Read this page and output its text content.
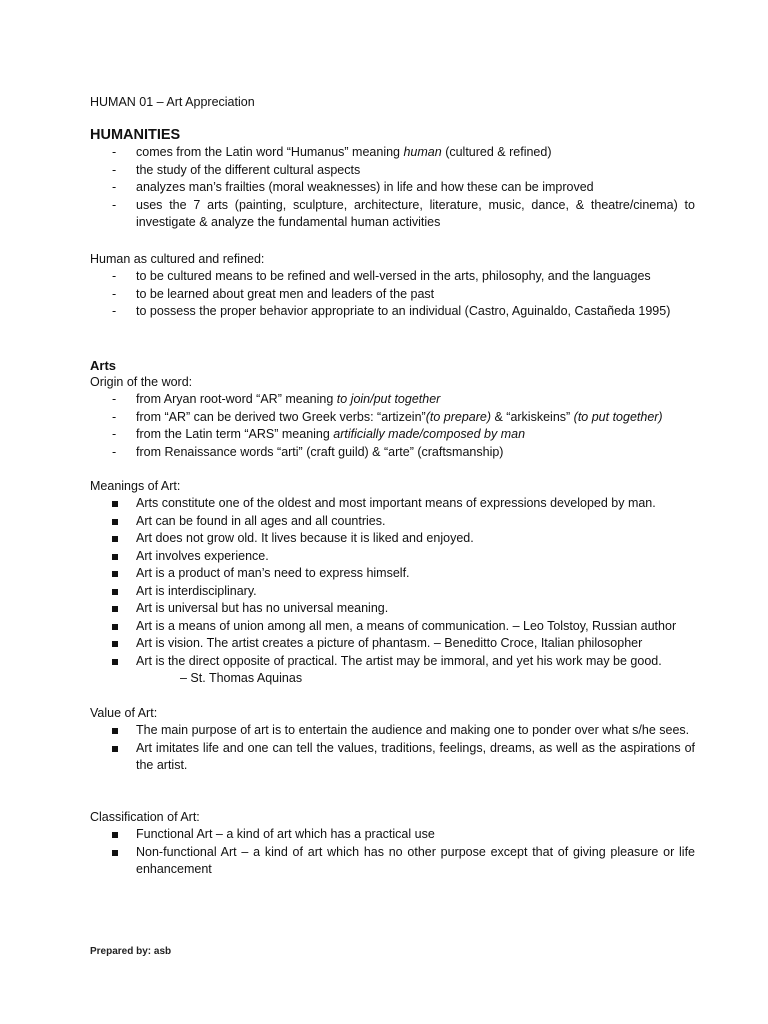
HUMAN 01 – Art Appreciation
HUMANITIES
-
comes from the Latin word “Humanus” meaning human (cultured & refined)
-
the study of the different cultural aspects
-
analyzes man’s frailties (moral weaknesses) in life and how these can be improved
-
uses the 7 arts (painting, sculpture, architecture, literature, music, dance, & theatre/cinema) to investigate & analyze the fundamental human activities
Human as cultured and refined:
-
to be cultured means to be refined and well-versed in the arts, philosophy, and the languages
-
to be learned about great men and leaders of the past
-
to possess the proper behavior appropriate to an individual (Castro, Aguinaldo, Castañeda 1995)
Arts
Origin of the word:
-
from Aryan root-word “AR” meaning to join/put together
-
from “AR” can be derived two Greek verbs: “artizein”(to prepare) & “arkiskeins” (to put together)
-
from the Latin term “ARS” meaning artificially made/composed by man
-
from Renaissance words “arti” (craft guild) & “arte” (craftsmanship)
Meanings of Art:
Arts constitute one of the oldest and most important means of expressions developed by man.
Art can be found in all ages and all countries.
Art does not grow old. It lives because it is liked and enjoyed.
Art involves experience.
Art is a product of man’s need to express himself.
Art is interdisciplinary.
Art is universal but has no universal meaning.
Art is a means of union among all men, a means of communication. – Leo Tolstoy, Russian author
Art is vision. The artist creates a picture of phantasm. – Beneditto Croce, Italian philosopher
Art is the direct opposite of practical. The artist may be immoral, and yet his work may be good.
– St. Thomas Aquinas
Value of Art:
The main purpose of art is to entertain the audience and making one to ponder over what s/he sees.
Art imitates life and one can tell the values, traditions, feelings, dreams, as well as the aspirations of the artist.
Classification of Art:
Functional Art – a kind of art which has a practical use
Non-functional Art – a kind of art which has no other purpose except that of giving pleasure or life enhancement
Prepared by: asb
